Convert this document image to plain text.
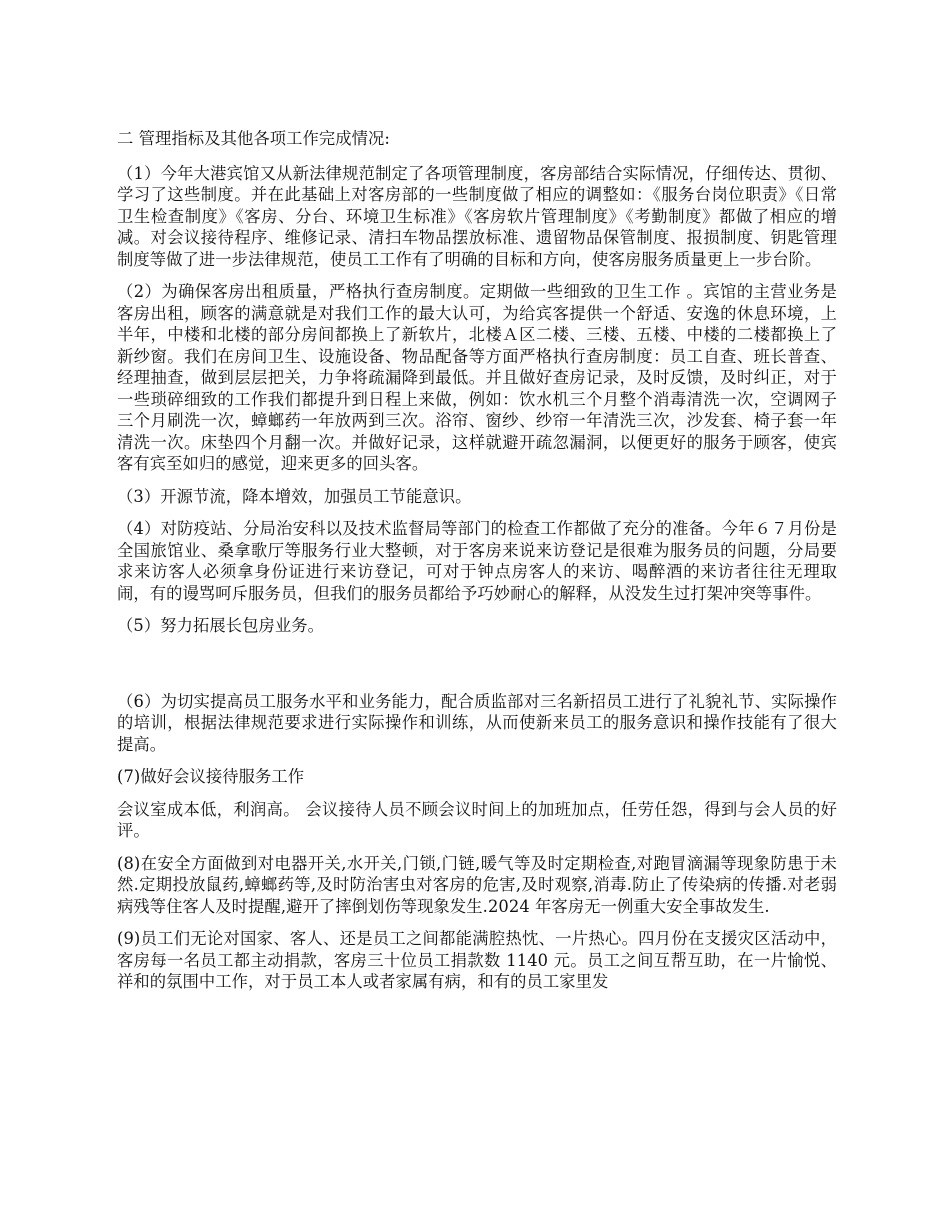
二 管理指标及其他各项工作完成情况:

（1）今年大港宾馆又从新法律规范制定了各项管理制度，客房部结合实际情况，仔细传达、贯彻、学习了这些制度。并在此基础上对客房部的一些制度做了相应的调整如：《服务台岗位职责》《日常卫生检查制度》《客房、分台、环境卫生标准》《客房软片管理制度》《考勤制度》都做了相应的增减。对会议接待程序、维修记录、清扫车物品摆放标准、遗留物品保管制度、报损制度、钥匙管理制度等做了进一步法律规范，使员工工作有了明确的目标和方向，使客房服务质量更上一步台阶。

（2）为确保客房出租质量，严格执行查房制度。定期做一些细致的卫生工作 。宾馆的主营业务是客房出租，顾客的满意就是对我们工作的最大认可，为给宾客提供一个舒适、安逸的休息环境，上半年，中楼和北楼的部分房间都换上了新软片，北楼Ａ区二楼、三楼、五楼、中楼的二楼都换上了新纱窗。我们在房间卫生、设施设备、物品配备等方面严格执行查房制度：员工自查、班长普查、经理抽查，做到层层把关，力争将疏漏降到最低。并且做好查房记录，及时反馈，及时纠正，对于一些琐碎细致的工作我们都提升到日程上来做，例如：饮水机三个月整个消毒清洗一次，空调网子三个月刷洗一次，蟑螂药一年放两到三次。浴帘、窗纱、纱帘一年清洗三次，沙发套、椅子套一年清洗一次。床垫四个月翻一次。并做好记录，这样就避开疏忽漏洞，以便更好的服务于顾客，使宾客有宾至如归的感觉，迎来更多的回头客。

（3）开源节流，降本增效，加强员工节能意识。

（4）对防疫站、分局治安科以及技术监督局等部门的检查工作都做了充分的准备。今年６７月份是全国旅馆业、桑拿歌厅等服务行业大整顿，对于客房来说来访登记是很难为服务员的问题，分局要求来访客人必须拿身份证进行来访登记，可对于钟点房客人的来访、喝醉酒的来访者往往无理取闹，有的谩骂呵斥服务员，但我们的服务员都给予巧妙耐心的解释，从没发生过打架冲突等事件。

（5）努力拓展长包房业务。

（6）为切实提高员工服务水平和业务能力，配合质监部对三名新招员工进行了礼貌礼节、实际操作的培训，根据法律规范要求进行实际操作和训练，从而使新来员工的服务意识和操作技能有了很大提高。

(7)做好会议接待服务工作

会议室成本低，利润高。 会议接待人员不顾会议时间上的加班加点，任劳任怨，得到与会人员的好评。

(8)在安全方面做到对电器开关,水开关,门锁,门链,暖气等及时定期检查,对跑冒滴漏等现象防患于未然.定期投放鼠药,蟑螂药等,及时防治害虫对客房的危害,及时观察,消毒.防止了传染病的传播.对老弱病残等住客人及时提醒,避开了摔倒划伤等现象发生.2024 年客房无一例重大安全事故发生.

(9)员工们无论对国家、客人、还是员工之间都能满腔热忱、一片热心。四月份在支援灾区活动中，客房每一名员工都主动捐款，客房三十位员工捐款数 1140 元。员工之间互帮互助，在一片愉悦、祥和的氛围中工作，对于员工本人或者家属有病，和有的员工家里发
